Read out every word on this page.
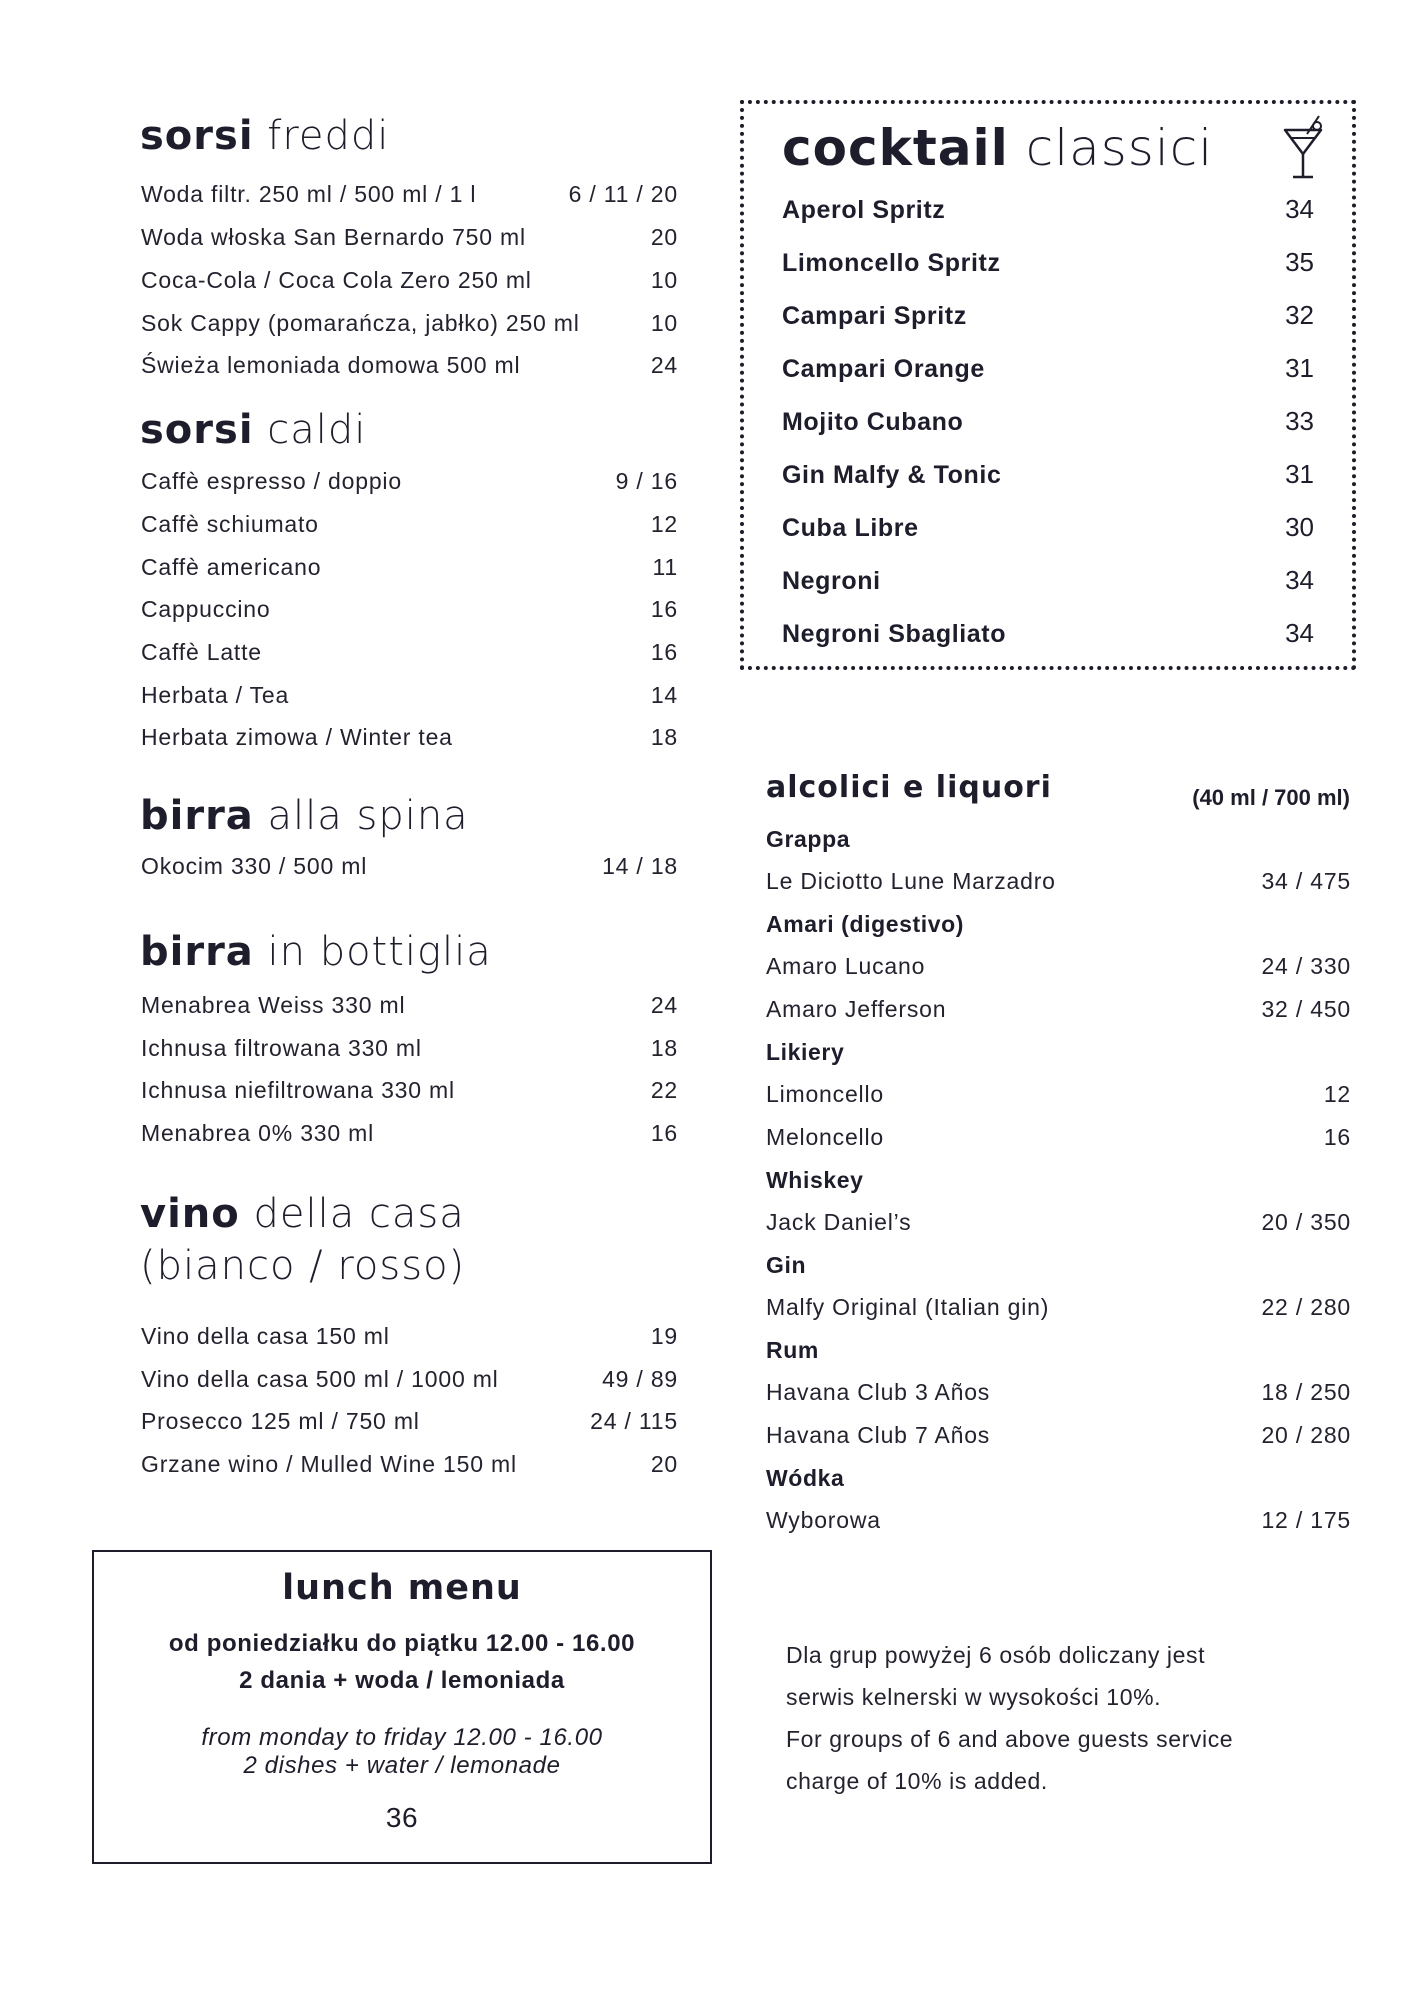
sorsi freddi
Woda filtr. 250 ml / 500 ml / 1 l	6 / 11 / 20
Woda włoska San Bernardo 750 ml	20
Coca-Cola / Coca Cola Zero 250 ml	10
Sok Cappy (pomarańcza, jabłko) 250 ml	10
Świeża lemoniada domowa 500 ml	24
sorsi caldi
Caffè espresso / doppio	9 / 16
Caffè schiumato	12
Caffè americano	11
Cappuccino	16
Caffè Latte	16
Herbata / Tea	14
Herbata zimowa / Winter tea	18
birra alla spina
Okocim 330 / 500 ml	14 / 18
birra in bottiglia
Menabrea Weiss 330 ml	24
Ichnusa filtrowana 330 ml	18
Ichnusa niefiltrowana 330 ml	22
Menabrea 0% 330 ml	16
vino della casa
(bianco / rosso)
Vino della casa 150 ml	19
Vino della casa 500 ml / 1000 ml	49 / 89
Prosecco 125 ml / 750 ml	24 / 115
Grzane wino / Mulled Wine 150 ml	20
lunch menu
od poniedziałku do piątku 12.00 - 16.00
2 dania + woda / lemoniada
from monday to friday 12.00 - 16.00
2 dishes + water / lemonade
36
cocktail classici
Aperol Spritz	34
Limoncello Spritz	35
Campari Spritz	32
Campari Orange	31
Mojito Cubano	33
Gin Malfy & Tonic	31
Cuba Libre	30
Negroni	34
Negroni Sbagliato	34
alcolici e liquori	(40 ml / 700 ml)
Grappa
Le Diciotto Lune Marzadro	34 / 475
Amari (digestivo)
Amaro Lucano	24 / 330
Amaro Jefferson	32 / 450
Likiery
Limoncello	12
Meloncello	16
Whiskey
Jack Daniel’s	20 / 350
Gin
Malfy Original (Italian gin)	22 / 280
Rum
Havana Club 3 Años	18 / 250
Havana Club 7 Años	20 / 280
Wódka
Wyborowa	12 / 175
Dla grup powyżej 6 osób doliczany jest
serwis kelnerski w wysokości 10%.
For groups of 6 and above guests service
charge of 10% is added.
